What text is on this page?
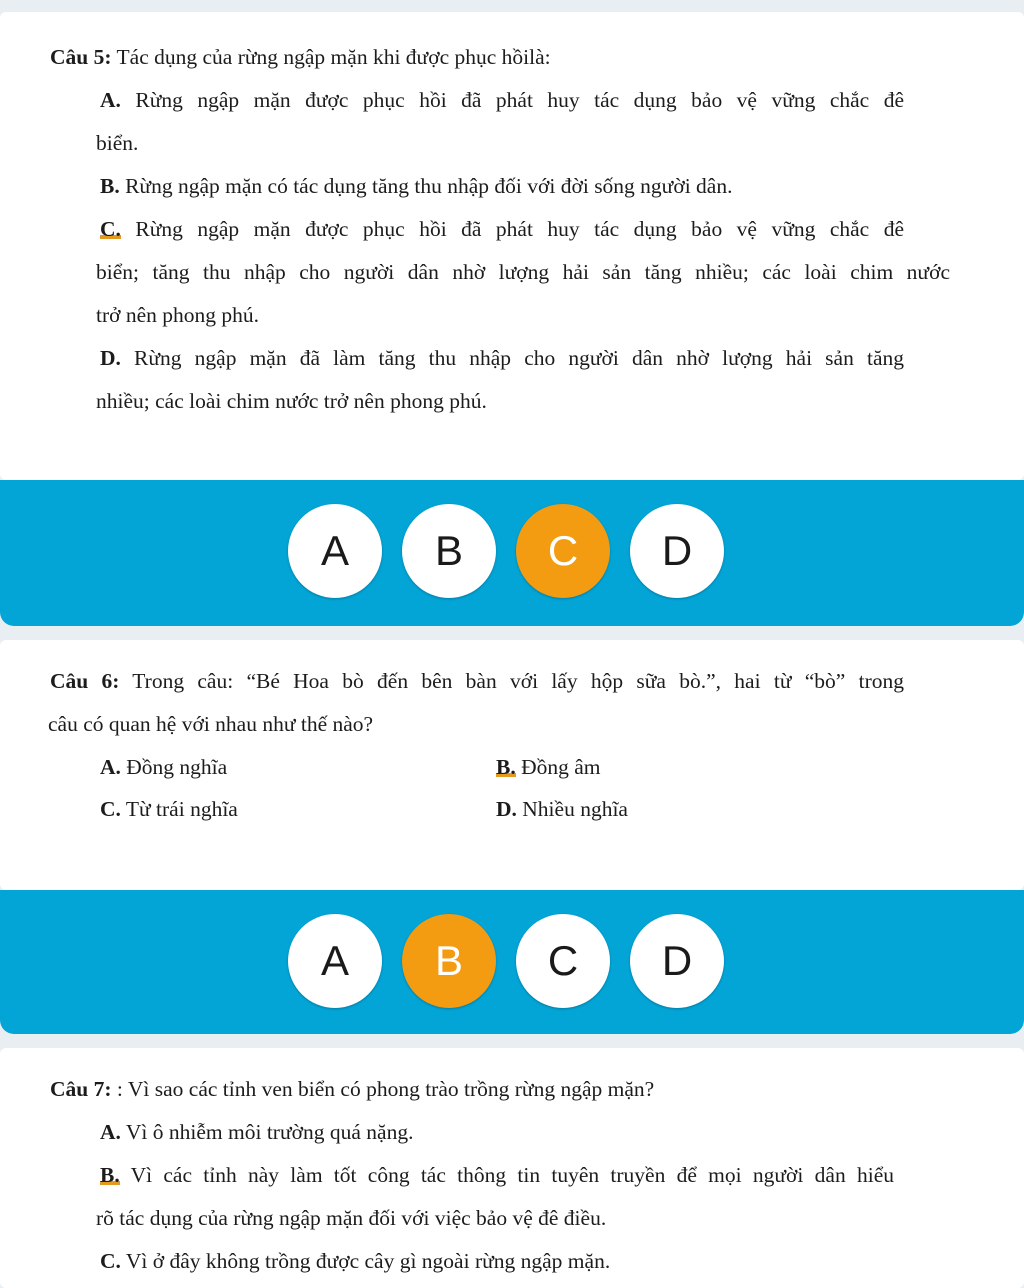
Câu 5: Tác dụng của rừng ngập mặn khi được phục hồilà:
A. Rừng ngập mặn được phục hồi đã phát huy tác dụng bảo vệ vững chắc đê
biển.
B. Rừng ngập mặn có tác dụng tăng thu nhập đối với đời sống người dân.
C. Rừng ngập mặn được phục hồi đã phát huy tác dụng bảo vệ vững chắc đê
biển; tăng thu nhập cho người dân nhờ lượng hải sản tăng nhiều; các loài chim nước
trở nên phong phú.
D. Rừng ngập mặn đã làm tăng thu nhập cho người dân nhờ lượng hải sản tăng
nhiều; các loài chim nước trở nên phong phú.
A	B	C	D
Câu 6: Trong câu: “Bé Hoa bò đến bên bàn với lấy hộp sữa bò.”, hai từ “bò” trong
câu có quan hệ với nhau như thế nào?
A. Đồng nghĩa	B. Đồng âm
C. Từ trái nghĩa	D. Nhiều nghĩa
A	B	C	D
Câu 7: : Vì sao các tỉnh ven biển có phong trào trồng rừng ngập mặn?
A. Vì ô nhiễm môi trường quá nặng.
B. Vì các tỉnh này làm tốt công tác thông tin tuyên truyền để mọi người dân hiểu
rõ tác dụng của rừng ngập mặn đối với việc bảo vệ đê điều.
C. Vì ở đây không trồng được cây gì ngoài rừng ngập mặn.
